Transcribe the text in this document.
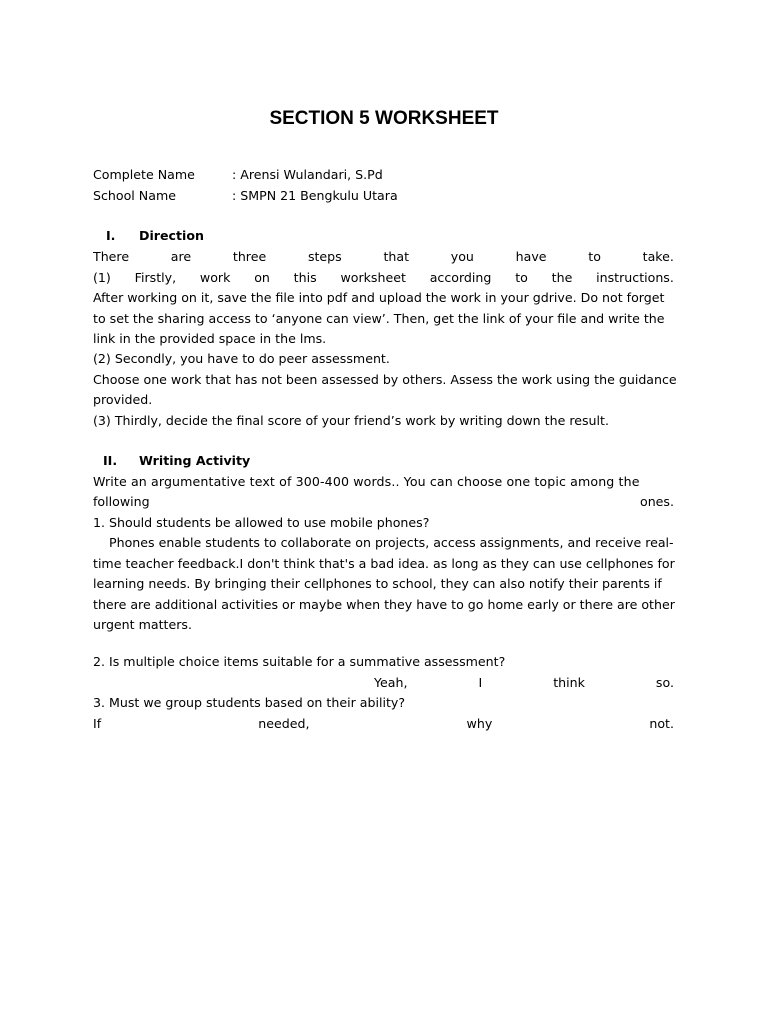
SECTION 5 WORKSHEET
Complete Name	: Arensi Wulandari, S.Pd
School Name	: SMPN 21 Bengkulu Utara
I. Direction
There	are	three	steps	that	you	have	to	take.
(1) Firstly, work on this worksheet according to the instructions.
After working on it, save the file into pdf and upload the work in your gdrive. Do not forget
to set the sharing access to ‘anyone can view’. Then, get the link of your file and write the
link in the provided space in the lms.
(2) Secondly, you have to do peer assessment.
Choose one work that has not been assessed by others. Assess the work using the guidance
provided.
(3) Thirdly, decide the final score of your friend’s work by writing down the result.
II. Writing Activity
Write an argumentative text of 300-400 words.. You can choose one topic among the
following	ones.
1. Should students be allowed to use mobile phones?
Phones enable students to collaborate on projects, access assignments, and receive real-
time teacher feedback.I don't think that's a bad idea. as long as they can use cellphones for
learning needs. By bringing their cellphones to school, they can also notify their parents if
there are additional activities or maybe when they have to go home early or there are other
urgent matters.
2. Is multiple choice items suitable for a summative assessment?
Yeah,	I	think	so.
3. Must we group students based on their ability?
If	needed,	why	not.
